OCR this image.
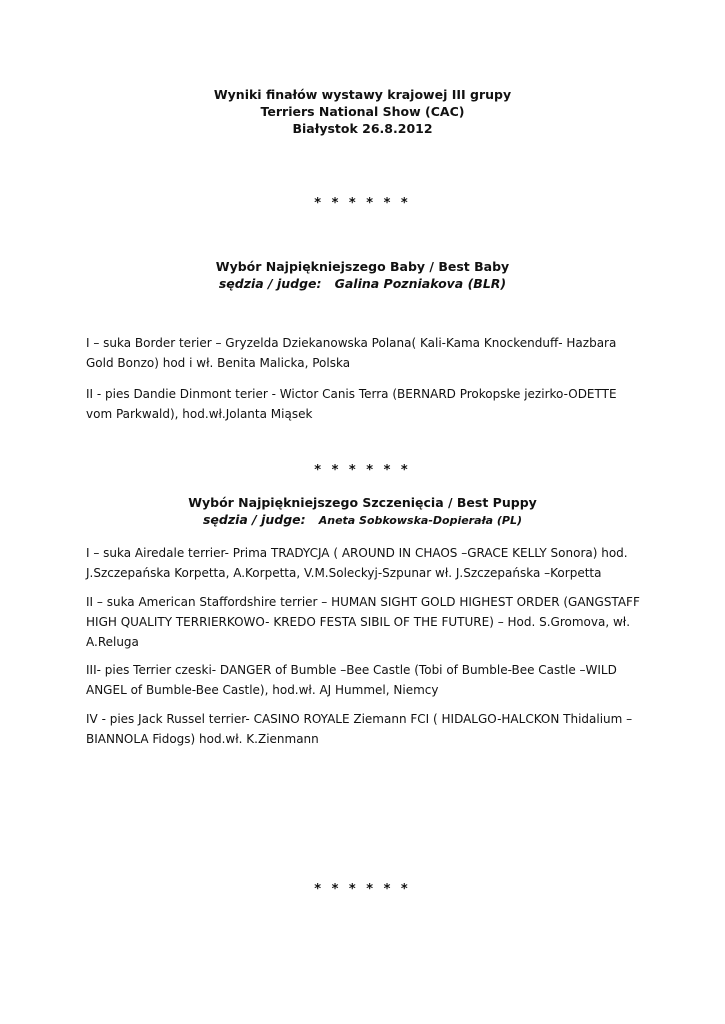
Wyniki finałów wystawy krajowej III grupy
Terriers National Show (CAC)
Białystok 26.8.2012
* * * * * *
Wybór Najpiękniejszego Baby / Best Baby
sędzia / judge: Galina Pozniakova (BLR)
I – suka Border terier – Gryzelda Dziekanowska Polana( Kali-Kama Knockenduff- Hazbara Gold Bonzo) hod i wł. Benita Malicka, Polska
II - pies Dandie Dinmont terier - Wictor Canis Terra (BERNARD Prokopske jezirko-ODETTE vom Parkwald), hod.wł.Jolanta Miąsek
* * * * * *
Wybór Najpiękniejszego Szczenięcia / Best Puppy
sędzia / judge: Aneta Sobkowska-Dopierała (PL)
I – suka Airedale terrier- Prima TRADYCJA ( AROUND IN CHAOS –GRACE KELLY Sonora) hod. J.Szczepańska Korpetta, A.Korpetta, V.M.Soleckyj-Szpunar wł. J.Szczepańska –Korpetta
II – suka American Staffordshire terrier – HUMAN SIGHT GOLD HIGHEST ORDER (GANGSTAFF HIGH QUALITY TERRIERKOWO- KREDO FESTA SIBIL OF THE FUTURE) – Hod. S.Gromova, wł. A.Reluga
III- pies Terrier czeski- DANGER of Bumble –Bee Castle (Tobi of Bumble-Bee Castle –WILD ANGEL of Bumble-Bee Castle), hod.wł. AJ Hummel, Niemcy
IV - pies Jack Russel terrier- CASINO ROYALE Ziemann FCI ( HIDALGO-HALCKON Thidalium – BIANNOLA Fidogs) hod.wł. K.Zienmann
* * * * * *
